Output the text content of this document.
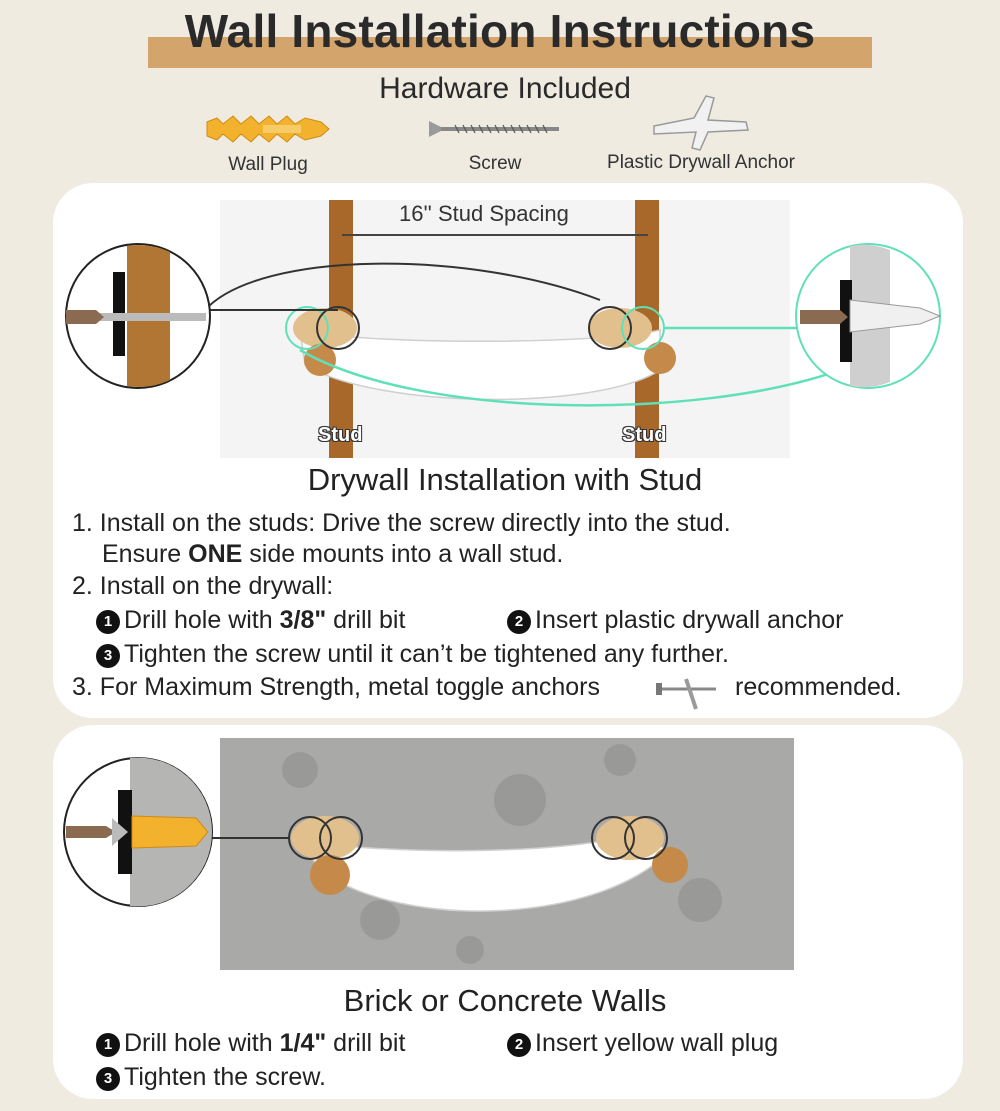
Wall Installation Instructions
Hardware Included
Wall Plug	Screw	Plastic Drywall Anchor
16'' Stud Spacing
Stud	Stud
Drywall Installation with Stud
1. Install on the studs: Drive the screw directly into the stud.
Ensure ONE side mounts into a wall stud.
2. Install on the drywall:
1 Drill hole with 3/8" drill bit	2 Insert plastic drywall anchor
3 Tighten the screw until it can’t be tightened any further.
3. For Maximum Strength, metal toggle anchors	recommended.
Brick or Concrete Walls
1 Drill hole with 1/4" drill bit	2 Insert yellow wall plug
3 Tighten the screw.
